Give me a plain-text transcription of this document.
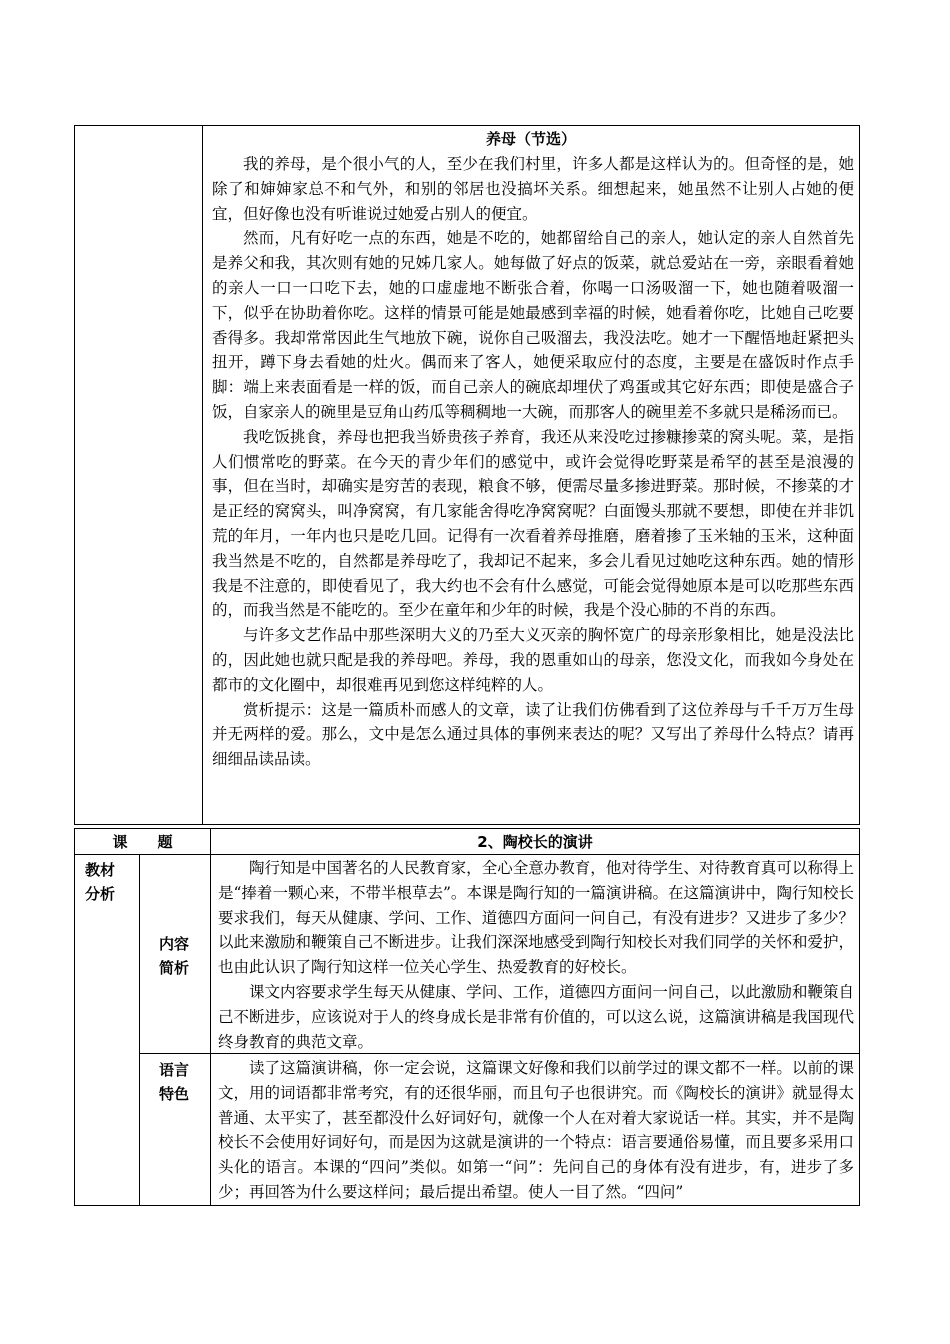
养母（节选）

我的养母，是个很小气的人，至少在我们村里，许多人都是这样认为的。但奇怪的是，她除了和婶婶家总不和气外，和别的邻居也没搞坏关系。细想起来，她虽然不让别人占她的便宜，但好像也没有听谁说过她爱占别人的便宜。

然而，凡有好吃一点的东西，她是不吃的，她都留给自己的亲人，她认定的亲人自然首先是养父和我，其次则有她的兄姊几家人。她每做了好点的饭菜，就总爱站在一旁，亲眼看着她的亲人一口一口吃下去，她的口虚虚地不断张合着，你喝一口汤吸溜一下，她也随着吸溜一下，似乎在协助着你吃。这样的情景可能是她最感到幸福的时候，她看着你吃，比她自己吃要香得多。我却常常因此生气地放下碗，说你自己吸溜去，我没法吃。她才一下醒悟地赶紧把头扭开，蹲下身去看她的灶火。偶而来了客人，她便采取应付的态度，主要是在盛饭时作点手脚：端上来表面看是一样的饭，而自己亲人的碗底却埋伏了鸡蛋或其它好东西；即使是盛合子饭，自家亲人的碗里是豆角山药瓜等稠稠地一大碗，而那客人的碗里差不多就只是稀汤而已。

我吃饭挑食，养母也把我当娇贵孩子养育，我还从来没吃过掺糠掺菜的窝头呢。菜，是指人们惯常吃的野菜。在今天的青少年们的感觉中，或许会觉得吃野菜是希罕的甚至是浪漫的事，但在当时，却确实是穷苦的表现，粮食不够，便需尽量多掺进野菜。那时候，不掺菜的才是正经的窝窝头，叫净窝窝，有几家能舍得吃净窝窝呢？白面馒头那就不要想，即使在并非饥荒的年月，一年内也只是吃几回。记得有一次看着养母推磨，磨着掺了玉米轴的玉米，这种面我当然是不吃的，自然都是养母吃了，我却记不起来，多会儿看见过她吃这种东西。她的情形我是不注意的，即使看见了，我大约也不会有什么感觉，可能会觉得她原本是可以吃那些东西的，而我当然是不能吃的。至少在童年和少年的时候，我是个没心肺的不肖的东西。

与许多文艺作品中那些深明大义的乃至大义灭亲的胸怀宽广的母亲形象相比，她是没法比的，因此她也就只配是我的养母吧。养母，我的恩重如山的母亲，您没文化，而我如今身处在都市的文化圈中，却很难再见到您这样纯粹的人。

赏析提示：这是一篇质朴而感人的文章，读了让我们仿佛看到了这位养母与千千万万生母并无两样的爱。那么，文中是怎么通过具体的事例来表达的呢？又写出了养母什么特点？请再细细品读品读。

课　　题	2、陶校长的演讲
教材分析
内容简析
语言特色

陶行知是中国著名的人民教育家，全心全意办教育，他对待学生、对待教育真可以称得上是“捧着一颗心来，不带半根草去”。本课是陶行知的一篇演讲稿。在这篇演讲中，陶行知校长要求我们，每天从健康、学问、工作、道德四方面问一问自己，有没有进步？又进步了多少？以此来激励和鞭策自己不断进步。让我们深深地感受到陶行知校长对我们同学的关怀和爱护，也由此认识了陶行知这样一位关心学生、热爱教育的好校长。

课文内容要求学生每天从健康、学问、工作，道德四方面问一问自己，以此激励和鞭策自己不断进步，应该说对于人的终身成长是非常有价值的，可以这么说，这篇演讲稿是我国现代终身教育的典范文章。

读了这篇演讲稿，你一定会说，这篇课文好像和我们以前学过的课文都不一样。以前的课文，用的词语都非常考究，有的还很华丽，而且句子也很讲究。而《陶校长的演讲》就显得太普通、太平实了，甚至都没什么好词好句，就像一个人在对着大家说话一样。其实，并不是陶校长不会使用好词好句，而是因为这就是演讲的一个特点：语言要通俗易懂，而且要多采用口头化的语言。本课的“四问”类似。如第一“问”：先问自己的身体有没有进步，有，进步了多少；再回答为什么要这样问；最后提出希望。使人一目了然。“四问”
